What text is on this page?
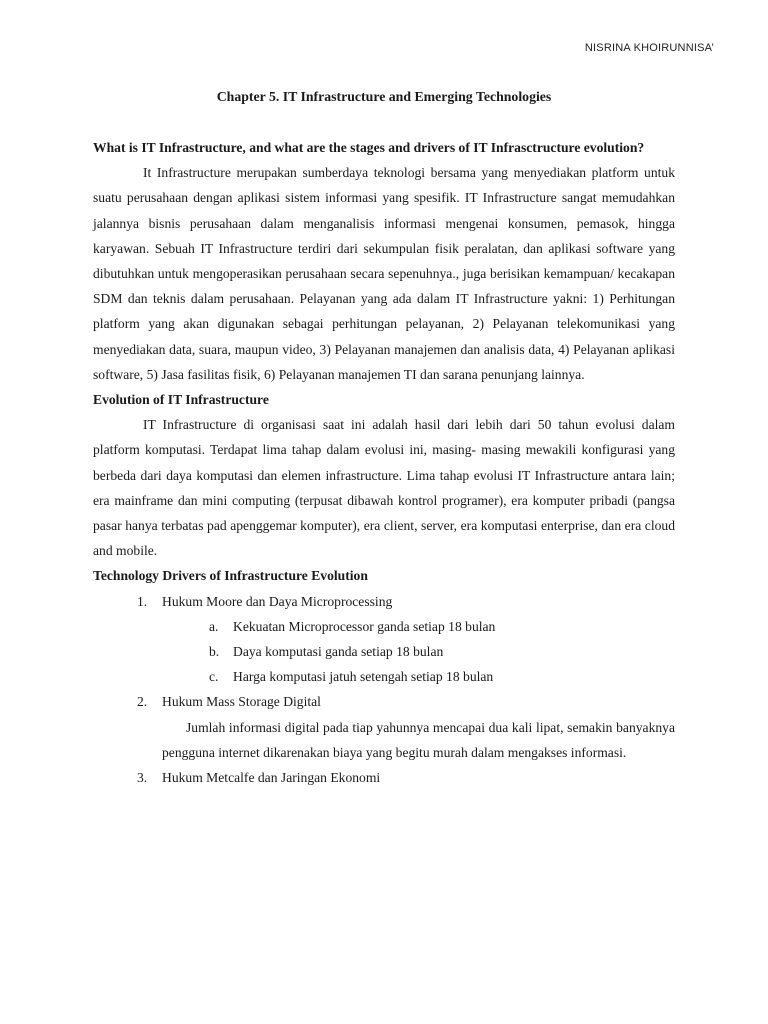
NISRINA KHOIRUNNISA’
Chapter 5. IT Infrastructure and Emerging Technologies

What is IT Infrastructure, and what are the stages and drivers of IT Infrasctructure evolution?

It Infrastructure merupakan sumberdaya teknologi bersama yang menyediakan platform untuk suatu perusahaan dengan aplikasi sistem informasi yang spesifik. IT Infrastructure sangat memudahkan jalannya bisnis perusahaan dalam menganalisis informasi mengenai konsumen, pemasok, hingga karyawan. Sebuah IT Infrastructure terdiri dari sekumpulan fisik peralatan, dan aplikasi software yang dibutuhkan untuk mengoperasikan perusahaan secara sepenuhnya., juga berisikan kemampuan/ kecakapan SDM dan teknis dalam perusahaan. Pelayanan yang ada dalam IT Infrastructure yakni: 1) Perhitungan platform yang akan digunakan sebagai perhitungan pelayanan, 2) Pelayanan telekomunikasi yang menyediakan data, suara, maupun video, 3) Pelayanan manajemen dan analisis data, 4) Pelayanan aplikasi software, 5) Jasa fasilitas fisik, 6) Pelayanan manajemen TI dan sarana penunjang lainnya.

Evolution of IT Infrastructure

IT Infrastructure di organisasi saat ini adalah hasil dari lebih dari 50 tahun evolusi dalam platform komputasi. Terdapat lima tahap dalam evolusi ini, masing- masing mewakili konfigurasi yang berbeda dari daya komputasi dan elemen infrastructure. Lima tahap evolusi IT Infrastructure antara lain; era mainframe dan mini computing (terpusat dibawah kontrol programer), era komputer pribadi (pangsa pasar hanya terbatas pad apenggemar komputer), era client, server, era komputasi enterprise, dan era cloud and mobile.

Technology Drivers of Infrastructure Evolution

1. Hukum Moore dan Daya Microprocessing
a. Kekuatan Microprocessor ganda setiap 18 bulan
b. Daya komputasi ganda setiap 18 bulan
c. Harga komputasi jatuh setengah setiap 18 bulan
2. Hukum Mass Storage Digital

Jumlah informasi digital pada tiap yahunnya mencapai dua kali lipat, semakin banyaknya pengguna internet dikarenakan biaya yang begitu murah dalam mengakses informasi.

3. Hukum Metcalfe dan Jaringan Ekonomi
